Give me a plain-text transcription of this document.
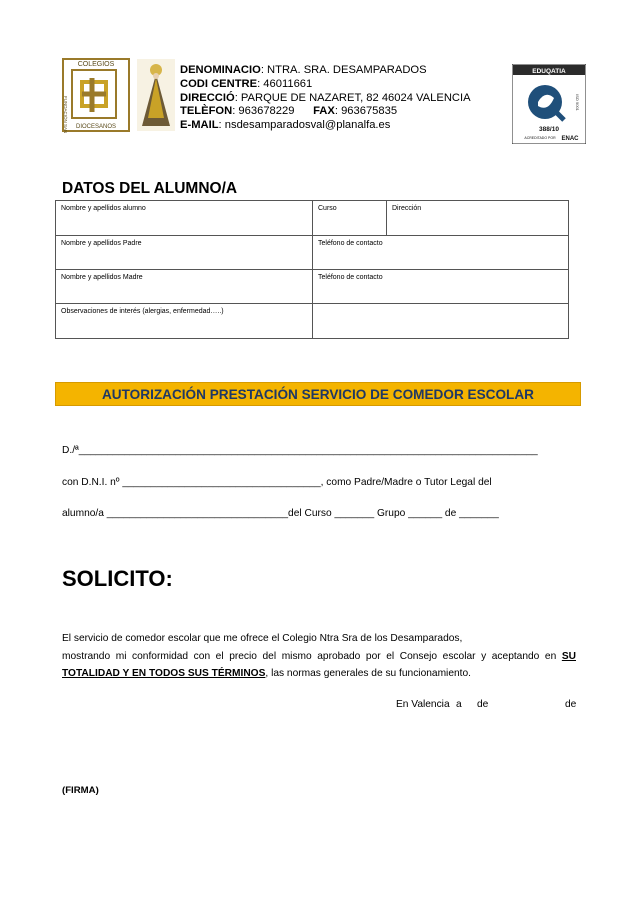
COLEGIOS
DIOCESANOS
FUNDACIÓN SAN
DENOMINACIO: NTRA. SRA. DESAMPARADOS
CODI CENTRE: 46011661
DIRECCIÓ: PARQUE DE NAZARET, 82 46024 VALENCIA
TELÈFON: 963678229 FAX: 963675835
E-MAIL: nsdesamparadosval@planalfa.es
EDUQATIA
ISO 9001
388/10
ACREDITADO POR ENAC
DATOS DEL ALUMNO/A
Nombre y apellidos alumno	Curso	Dirección
Nombre y apellidos Padre	Teléfono de contacto	
Nombre y apellidos Madre	Teléfono de contacto	
Observaciones de interés (alergias, enfermedad…..)		
AUTORIZACIÓN PRESTACIÓN SERVICIO DE COMEDOR ESCOLAR
D./ª_________________________________________________________________________________
con D.N.I. nº ___________________________________, como Padre/Madre o Tutor Legal del
alumno/a ________________________________del Curso _______ Grupo ______ de _______
SOLICITO:
El servicio de comedor escolar que me ofrece el Colegio Ntra Sra de los Desamparados,
mostrando mi conformidad con el precio del mismo aprobado por el Consejo escolar y aceptando en SU
TOTALIDAD Y EN TODOS SUS TÉRMINOS, las normas generales de su funcionamiento.
En Valencia a de	de
(FIRMA)
